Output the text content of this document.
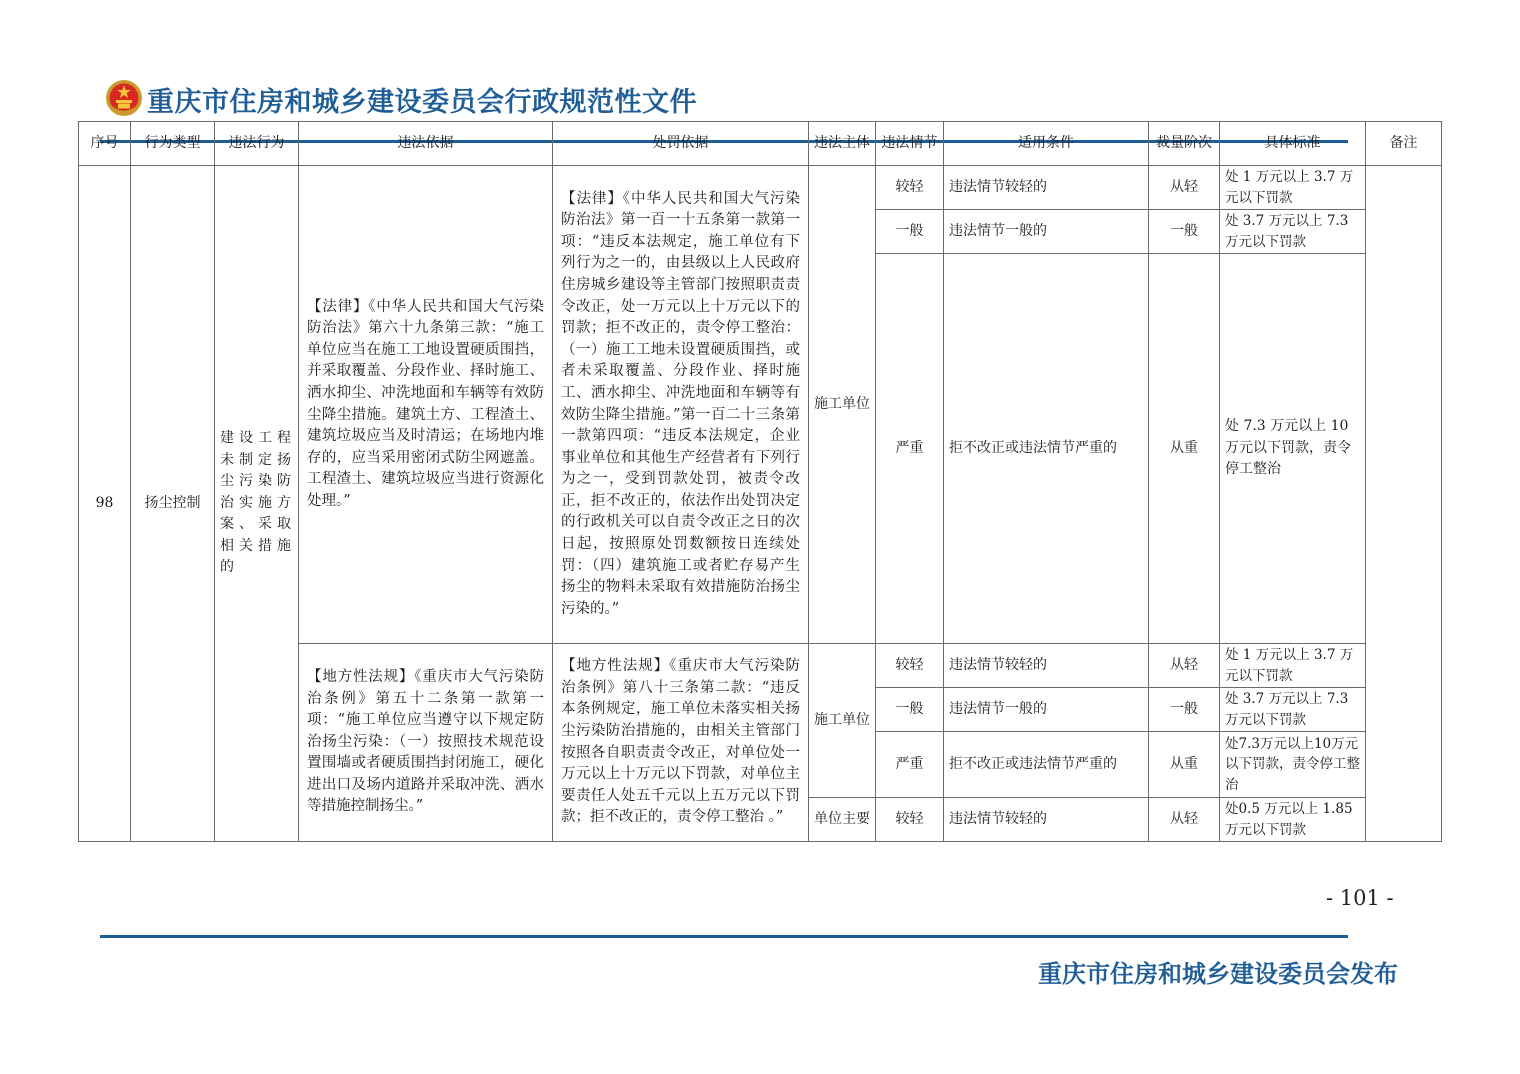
重庆市住房和城乡建设委员会行政规范性文件
序号	行为类型	违法行为	违法依据	处罚依据	违法主体	违法情节	适用条件	裁量阶次	具体标准	备注
98	扬尘控制	建设工程未制定扬尘污染防治实施方案、采取相关措施的	【法律】《中华人民共和国大气污染防治法》第六十九条第三款：“施工单位应当在施工工地设置硬质围挡，并采取覆盖、分段作业、择时施工、洒水抑尘、冲洗地面和车辆等有效防尘降尘措施。建筑土方、工程渣土、建筑垃圾应当及时清运；在场地内堆存的，应当采用密闭式防尘网遮盖。工程渣土、建筑垃圾应当进行资源化处理。”	【法律】《中华人民共和国大气污染防治法》第一百一十五条第一款第一项：“违反本法规定，施工单位有下列行为之一的，由县级以上人民政府住房城乡建设等主管部门按照职责责令改正，处一万元以上十万元以下的罚款；拒不改正的，责令停工整治：（一）施工工地未设置硬质围挡，或者未采取覆盖、分段作业、择时施工、洒水抑尘、冲洗地面和车辆等有效防尘降尘措施。”第一百二十三条第一款第四项：“违反本法规定，企业事业单位和其他生产经营者有下列行为之一，受到罚款处罚，被责令改正，拒不改正的，依法作出处罚决定的行政机关可以自责令改正之日的次日起，按照原处罚数额按日连续处罚：（四）建筑施工或者贮存易产生扬尘的物料未采取有效措施防治扬尘污染的。”	施工单位	较轻	违法情节较轻的	从轻	处 1 万元以上 3.7 万元以下罚款	
						一般	违法情节一般的	一般	处 3.7 万元以上 7.3 万元以下罚款	
						严重	拒不改正或违法情节严重的	从重	处 7.3 万元以上 10 万元以下罚款，责令停工整治	
			【地方性法规】《重庆市大气污染防治条例》第五十二条第一款第一项：“施工单位应当遵守以下规定防治扬尘污染：（一）按照技术规范设置围墙或者硬质围挡封闭施工，硬化进出口及场内道路并采取冲洗、洒水等措施控制扬尘。”	【地方性法规】《重庆市大气污染防治条例》第八十三条第二款：“违反本条例规定，施工单位未落实相关扬尘污染防治措施的，由相关主管部门按照各自职责责令改正，对单位处一万元以上十万元以下罚款，对单位主要责任人处五千元以上五万元以下罚款；拒不改正的，责令停工整治 。”	施工单位	较轻	违法情节较轻的	从轻	处 1 万元以上 3.7 万元以下罚款	
						一般	违法情节一般的	一般	处 3.7 万元以上 7.3 万元以下罚款	
						严重	拒不改正或违法情节严重的	从重	处7.3万元以上10万元以下罚款，责令停工整治	
					单位主要	较轻	违法情节较轻的	从轻	处0.5 万元以上 1.85 万元以下罚款	
- 101 -
重庆市住房和城乡建设委员会发布
